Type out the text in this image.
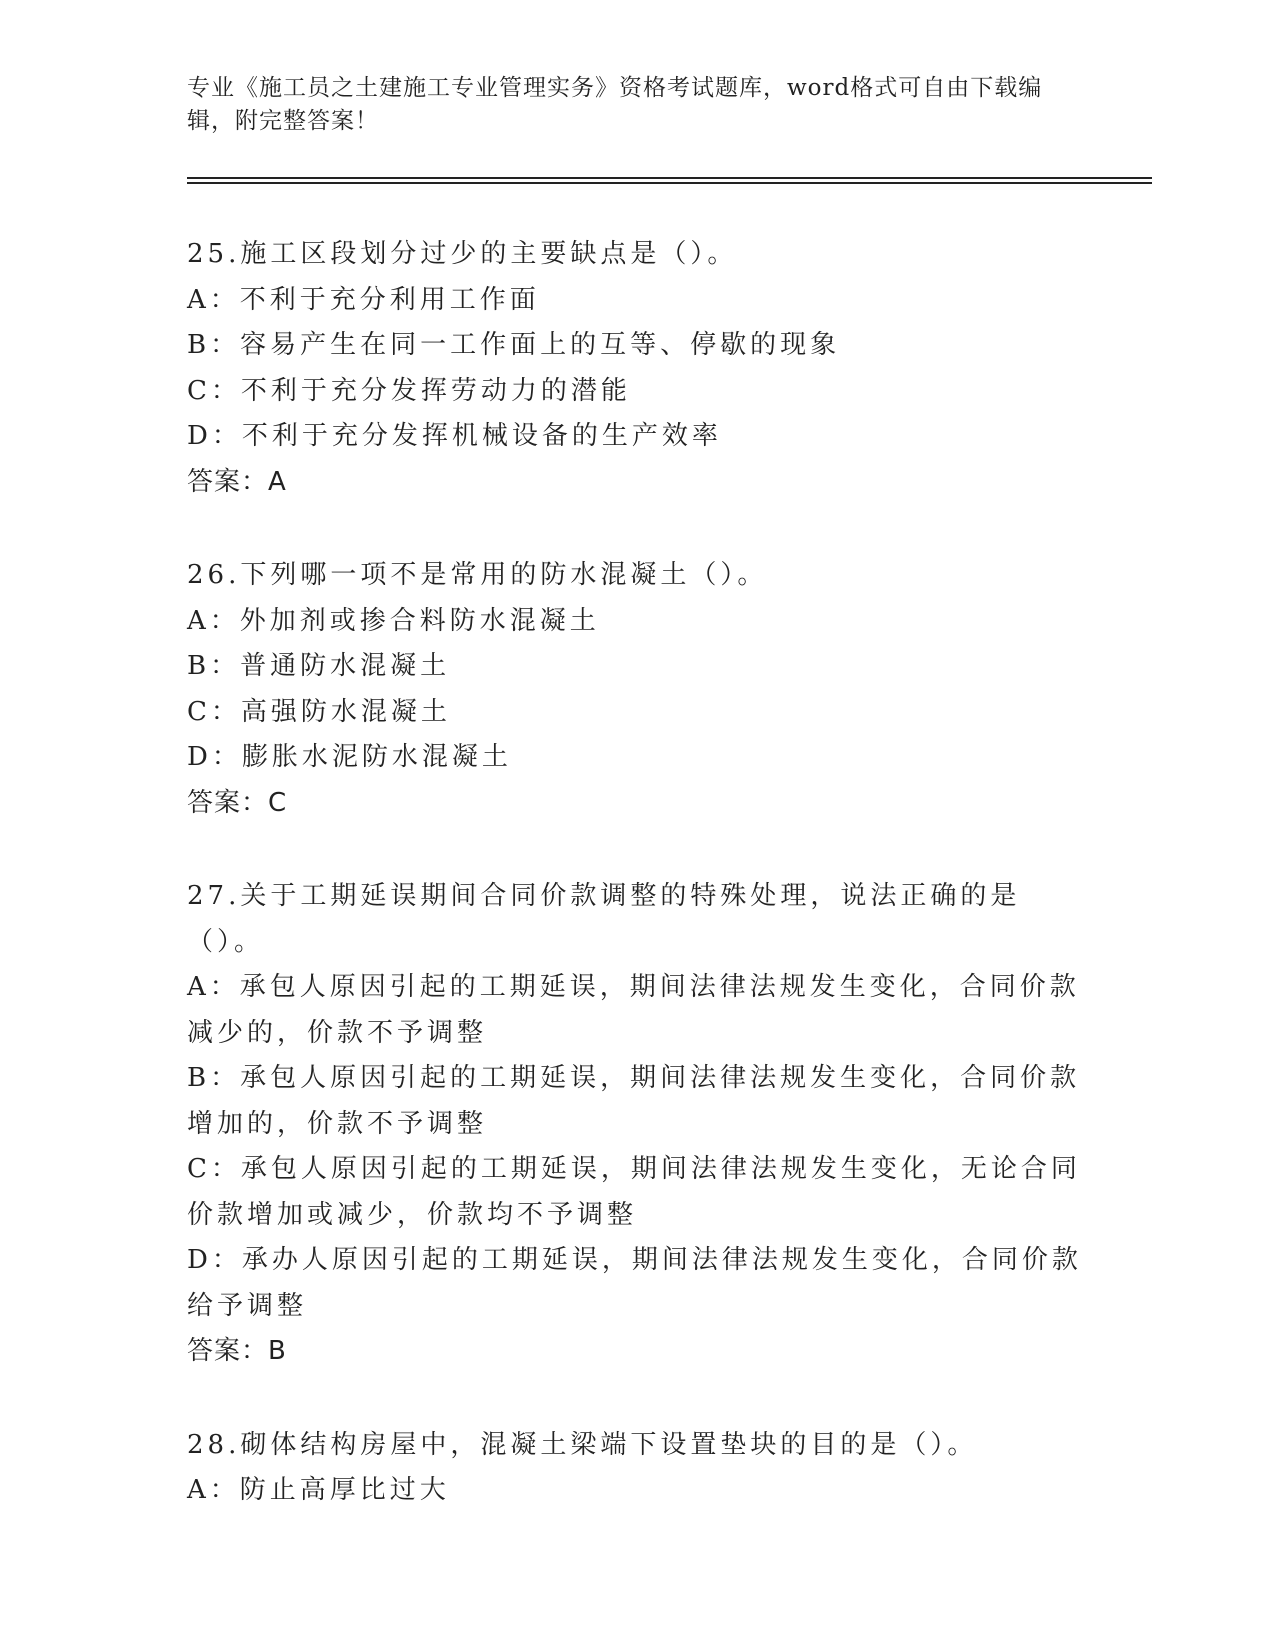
专业《施工员之土建施工专业管理实务》资格考试题库，word格式可自由下载编
辑，附完整答案！
25.施工区段划分过少的主要缺点是（）。
A：不利于充分利用工作面
B：容易产生在同一工作面上的互等、停歇的现象
C：不利于充分发挥劳动力的潜能
D：不利于充分发挥机械设备的生产效率
答案：A
26.下列哪一项不是常用的防水混凝土（）。
A：外加剂或掺合料防水混凝土
B：普通防水混凝土
C：高强防水混凝土
D：膨胀水泥防水混凝土
答案：C
27.关于工期延误期间合同价款调整的特殊处理，说法正确的是（）。
A：承包人原因引起的工期延误，期间法律法规发生变化，合同价款减少的，价款不予调整
B：承包人原因引起的工期延误，期间法律法规发生变化，合同价款增加的，价款不予调整
C：承包人原因引起的工期延误，期间法律法规发生变化，无论合同价款增加或减少，价款均不予调整
D：承办人原因引起的工期延误，期间法律法规发生变化，合同价款给予调整
答案：B
28.砌体结构房屋中，混凝土梁端下设置垫块的目的是（）。
A：防止高厚比过大
